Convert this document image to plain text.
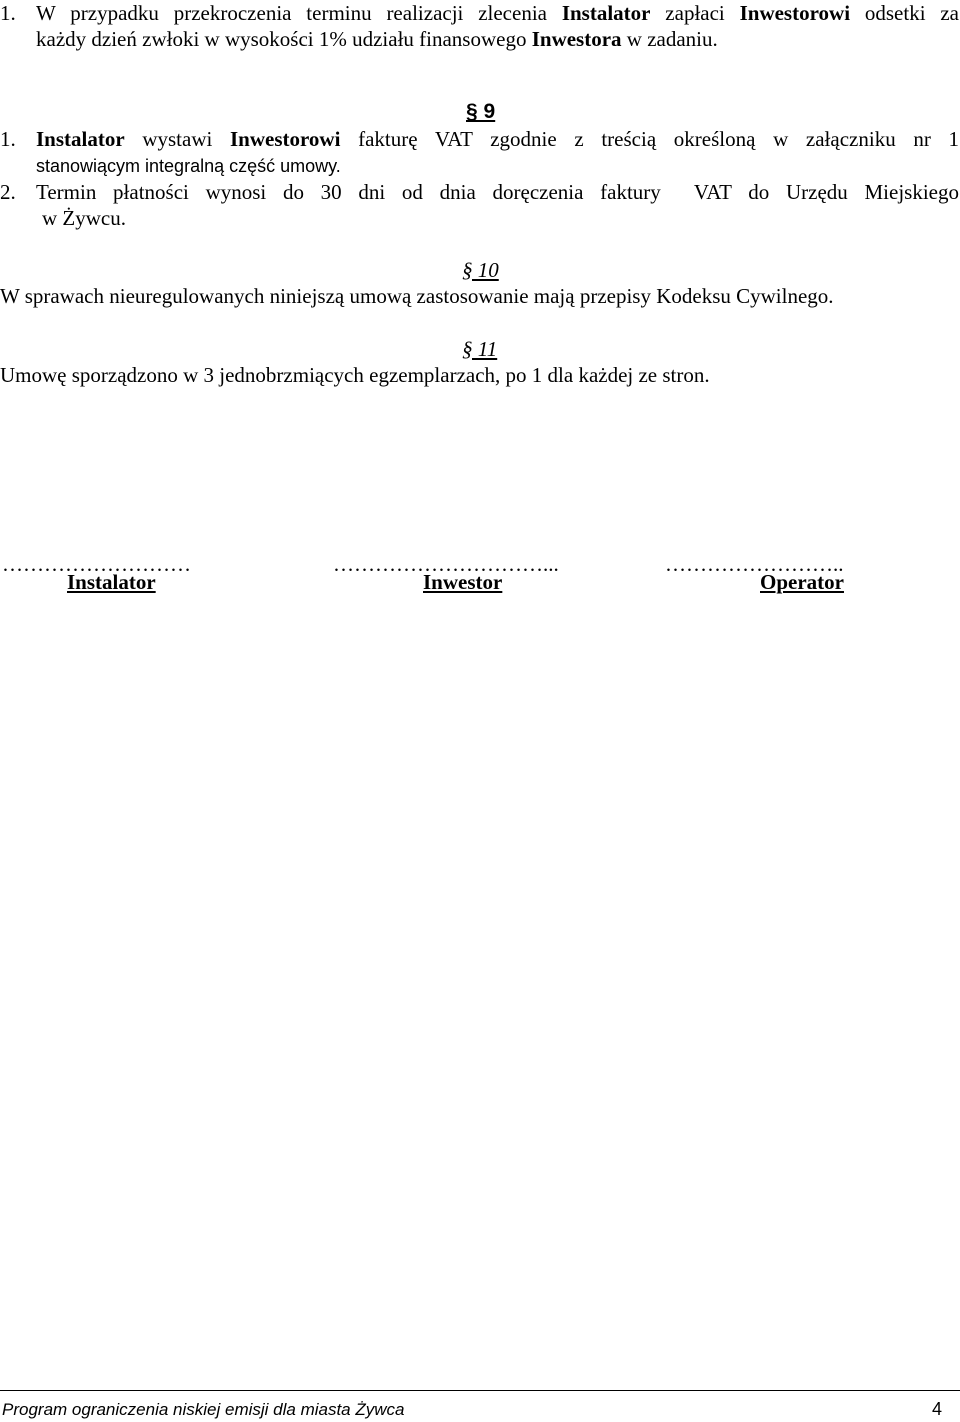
1. W przypadku przekroczenia terminu realizacji zlecenia Instalator zapłaci Inwestorowi odsetki za
każdy dzień zwłoki w wysokości 1% udziału finansowego Inwestora w zadaniu.
§ 9
1. Instalator wystawi Inwestorowi fakturę VAT zgodnie z treścią określoną w załączniku nr 1
stanowiącym integralną część umowy.
2. Termin płatności wynosi do 30 dni od dnia doręczenia faktury  VAT do Urzędu Miejskiego
w Żywcu.
§ 10
W sprawach nieuregulowanych niniejszą umową zastosowanie mają przepisy Kodeksu Cywilnego.
§ 11
Umowę sporządzono w 3 jednobrzmiących egzemplarzach, po 1 dla każdej ze stron.
………………………	…………………………...	……………………..
Instalator	Inwestor	Operator
Program ograniczenia niskiej emisji dla miasta Żywca	4
